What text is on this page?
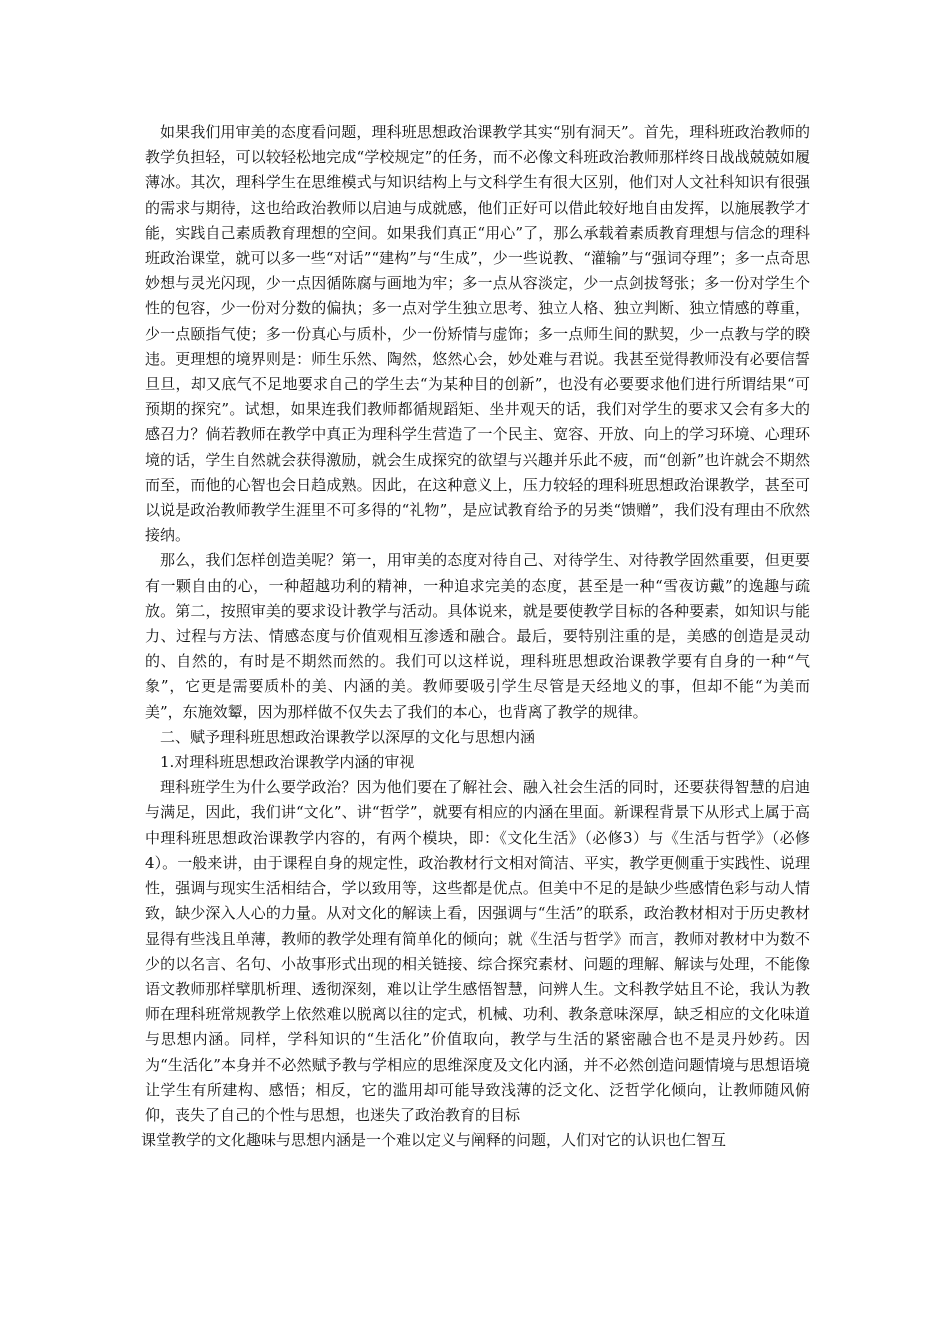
如果我们用审美的态度看问题，理科班思想政治课教学其实“别有洞天”。首先，理科班政治教师的教学负担轻，可以较轻松地完成“学校规定”的任务，而不必像文科班政治教师那样终日战战兢兢如履薄冰。其次，理科学生在思维模式与知识结构上与文科学生有很大区别，他们对人文社科知识有很强的需求与期待，这也给政治教师以启迪与成就感，他们正好可以借此较好地自由发挥，以施展教学才能，实践自己素质教育理想的空间。如果我们真正“用心”了，那么承载着素质教育理想与信念的理科班政治课堂，就可以多一些“对话”“建构”与“生成”，少一些说教、“灌输”与“强词夺理”；多一点奇思妙想与灵光闪现，少一点因循陈腐与画地为牢；多一点从容淡定，少一点剑拔弩张；多一份对学生个性的包容，少一份对分数的偏执；多一点对学生独立思考、独立人格、独立判断、独立情感的尊重，少一点颐指气使；多一份真心与质朴，少一份矫情与虚饰；多一点师生间的默契，少一点教与学的睽违。更理想的境界则是：师生乐然、陶然，悠然心会，妙处难与君说。我甚至觉得教师没有必要信誓旦旦，却又底气不足地要求自己的学生去“为某种目的创新”，也没有必要要求他们进行所谓结果“可预期的探究”。试想，如果连我们教师都循规蹈矩、坐井观天的话，我们对学生的要求又会有多大的感召力？倘若教师在教学中真正为理科学生营造了一个民主、宽容、开放、向上的学习环境、心理环境的话，学生自然就会获得激励，就会生成探究的欲望与兴趣并乐此不疲，而“创新”也许就会不期然而至，而他的心智也会日趋成熟。因此，在这种意义上，压力较轻的理科班思想政治课教学，甚至可以说是政治教师教学生涯里不可多得的“礼物”，是应试教育给予的另类“馈赠”，我们没有理由不欣然接纳。

那么，我们怎样创造美呢？第一，用审美的态度对待自己、对待学生、对待教学固然重要，但更要有一颗自由的心，一种超越功利的精神，一种追求完美的态度，甚至是一种“雪夜访戴”的逸趣与疏放。第二，按照审美的要求设计教学与活动。具体说来，就是要使教学目标的各种要素，如知识与能力、过程与方法、情感态度与价值观相互渗透和融合。最后，要特别注重的是，美感的创造是灵动的、自然的，有时是不期然而然的。我们可以这样说，理科班思想政治课教学要有自身的一种“气象”，它更是需要质朴的美、内涵的美。教师要吸引学生尽管是天经地义的事，但却不能“为美而美”，东施效颦，因为那样做不仅失去了我们的本心，也背离了教学的规律。

二、赋予理科班思想政治课教学以深厚的文化与思想内涵

1.对理科班思想政治课教学内涵的审视

理科班学生为什么要学政治？因为他们要在了解社会、融入社会生活的同时，还要获得智慧的启迪与满足，因此，我们讲“文化”、讲“哲学”，就要有相应的内涵在里面。新课程背景下从形式上属于高中理科班思想政治课教学内容的，有两个模块，即：《文化生活》（必修3）与《生活与哲学》（必修4）。一般来讲，由于课程自身的规定性，政治教材行文相对简洁、平实，教学更侧重于实践性、说理性，强调与现实生活相结合，学以致用等，这些都是优点。但美中不足的是缺少些感情色彩与动人情致，缺少深入人心的力量。从对文化的解读上看，因强调与“生活”的联系，政治教材相对于历史教材显得有些浅且单薄，教师的教学处理有简单化的倾向；就《生活与哲学》而言，教师对教材中为数不少的以名言、名句、小故事形式出现的相关链接、综合探究素材、问题的理解、解读与处理，不能像语文教师那样擘肌析理、透彻深刻，难以让学生感悟智慧，问辨人生。文科教学姑且不论，我认为教师在理科班常规教学上依然难以脱离以往的定式，机械、功利、教条意味深厚，缺乏相应的文化味道与思想内涵。同样，学科知识的“生活化”价值取向，教学与生活的紧密融合也不是灵丹妙药。因为“生活化”本身并不必然赋予教与学相应的思维深度及文化内涵，并不必然创造问题情境与思想语境让学生有所建构、感悟；相反，它的滥用却可能导致浅薄的泛文化、泛哲学化倾向，让教师随风俯仰，丧失了自己的个性与思想，也迷失了政治教育的目标

课堂教学的文化趣味与思想内涵是一个难以定义与阐释的问题，人们对它的认识也仁智互
